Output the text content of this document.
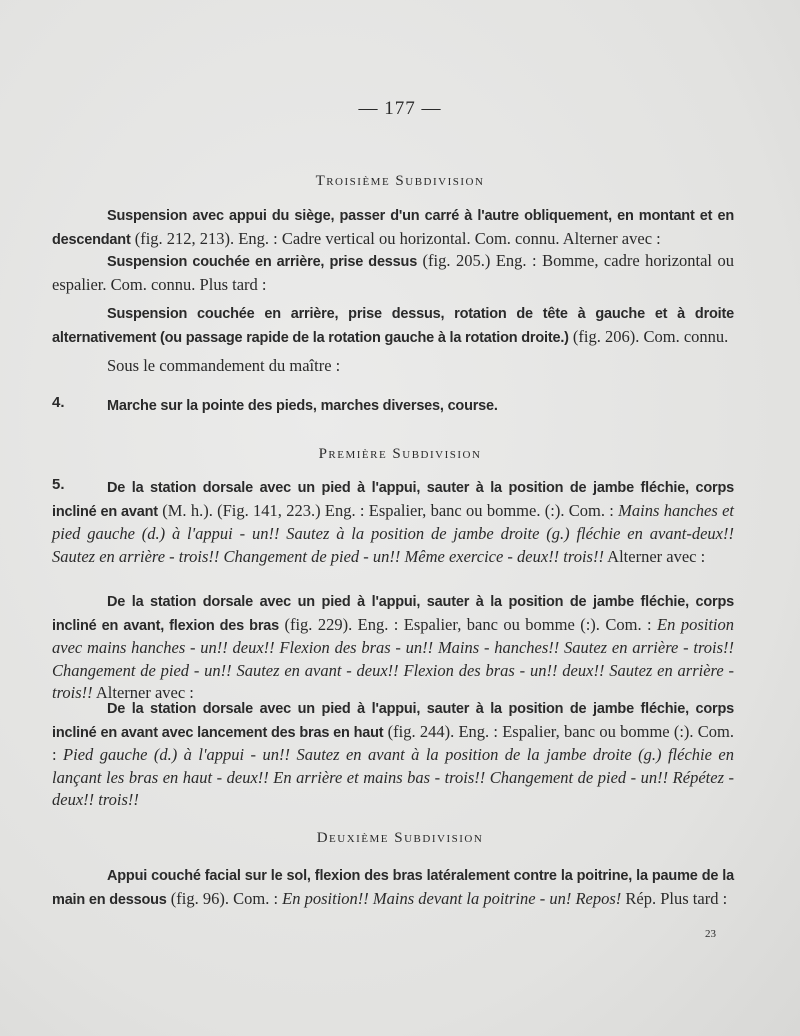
— 177 —
Troisième Subdivision
Suspension avec appui du siège, passer d'un carré à l'autre obliquement, en montant et en descendant (fig. 212, 213). Eng. : Cadre vertical ou horizontal. Com. connu. Alterner avec :
Suspension couchée en arrière, prise dessus (fig. 205.) Eng. : Bomme, cadre horizontal ou espalier. Com. connu. Plus tard :
Suspension couchée en arrière, prise dessus, rotation de tête à gauche et à droite alternativement (ou passage rapide de la rotation gauche à la rotation droite.) (fig. 206). Com. connu.
Sous le commandement du maître :
4.	Marche sur la pointe des pieds, marches diverses, course.
Première Subdivision
5.	De la station dorsale avec un pied à l'appui, sauter à la position de jambe fléchie, corps incliné en avant (M. h.). (Fig. 141, 223.) Eng. : Espalier, banc ou bomme. (:). Com. : Mains hanches et pied gauche (d.) à l'appui - un!! Sautez à la position de jambe droite (g.) fléchie en avant-deux!! Sautez en arrière - trois!! Changement de pied - un!! Même exercice - deux!! trois!! Alterner avec :
De la station dorsale avec un pied à l'appui, sauter à la position de jambe fléchie, corps incliné en avant, flexion des bras (fig. 229). Eng. : Espalier, banc ou bomme (:). Com. : En position avec mains hanches - un!! deux!! Flexion des bras - un!! Mains - hanches!! Sautez en arrière - trois!! Changement de pied - un!! Sautez en avant - deux!! Flexion des bras - un!! deux!! Sautez en arrière - trois!! Alterner avec :
De la station dorsale avec un pied à l'appui, sauter à la position de jambe fléchie, corps incliné en avant avec lancement des bras en haut (fig. 244). Eng. : Espalier, banc ou bomme (:). Com. : Pied gauche (d.) à l'appui - un!! Sautez en avant à la position de la jambe droite (g.) fléchie en lançant les bras en haut - deux!! En arrière et mains bas - trois!! Changement de pied - un!! Répétez - deux!! trois!!
Deuxième Subdivision
Appui couché facial sur le sol, flexion des bras latéralement contre la poitrine, la paume de la main en dessous (fig. 96). Com. : En position!! Mains devant la poitrine - un! Repos! Rép. Plus tard :
23
